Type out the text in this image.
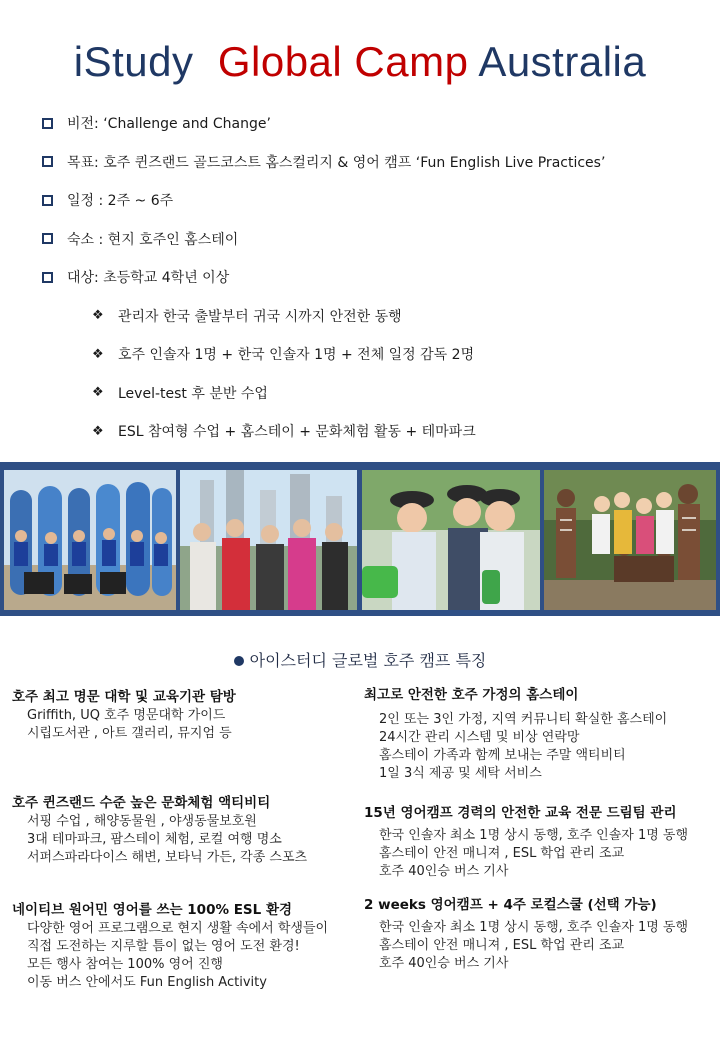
iStudy Global Camp Australia
비전: ‘Challenge and Change’
목표: 호주 퀸즈랜드 골드코스트 홈스컬리지 & 영어 캠프 ‘Fun English Live Practices’
일정 : 2주 ~ 6주
숙소 : 현지 호주인 홈스테이
대상: 초등학교 4학년 이상
❖	관리자 한국 출발부터 귀국 시까지 안전한 동행
❖	호주 인솔자 1명 + 한국 인솔자 1명 + 전체 일정 감독 2명
❖	Level-test 후 분반 수업
❖	ESL 참여형 수업 + 홈스테이 + 문화체험 활동 + 테마파크
아이스터디 글로벌 호주 캠프 특징
호주 최고 명문 대학 및 교육기관 탐방
Griffith, UQ 호주 명문대학 가이드
시립도서관 , 아트 갤러리, 뮤지엄 등
호주 퀸즈랜드 수준 높은 문화체험 액티비티
서핑 수업 , 해양동물원 , 야생동물보호원
3대 테마파크, 팜스테이 체험, 로컬 여행 명소
서퍼스파라다이스 해변, 보타닉 가든, 각종 스포츠
네이티브 원어민 영어를 쓰는 100% ESL 환경
다양한 영어 프로그램으로 현지 생활 속에서 학생들이
직접 도전하는 지루할 틈이 없는 영어 도전 환경!
모든 행사 참여는 100% 영어 진행
이동 버스 안에서도 Fun English Activity
최고로 안전한 호주 가정의 홈스테이
2인 또는 3인 가정, 지역 커뮤니티 확실한 홈스테이
24시간 관리 시스템 및 비상 연락망
홈스테이 가족과 함께 보내는 주말 액티비티
1일 3식 제공 및 세탁 서비스
15년 영어캠프 경력의 안전한 교육 전문 드림팀 관리
한국 인솔자 최소 1명 상시 동행, 호주 인솔자 1명 동행
홈스테이 안전 매니져 , ESL 학업 관리 조교
호주 40인승 버스 기사
2 weeks 영어캠프 + 4주 로컬스쿨 (선택 가능)
한국 인솔자 최소 1명 상시 동행, 호주 인솔자 1명 동행
홈스테이 안전 매니져 , ESL 학업 관리 조교
호주 40인승 버스 기사
